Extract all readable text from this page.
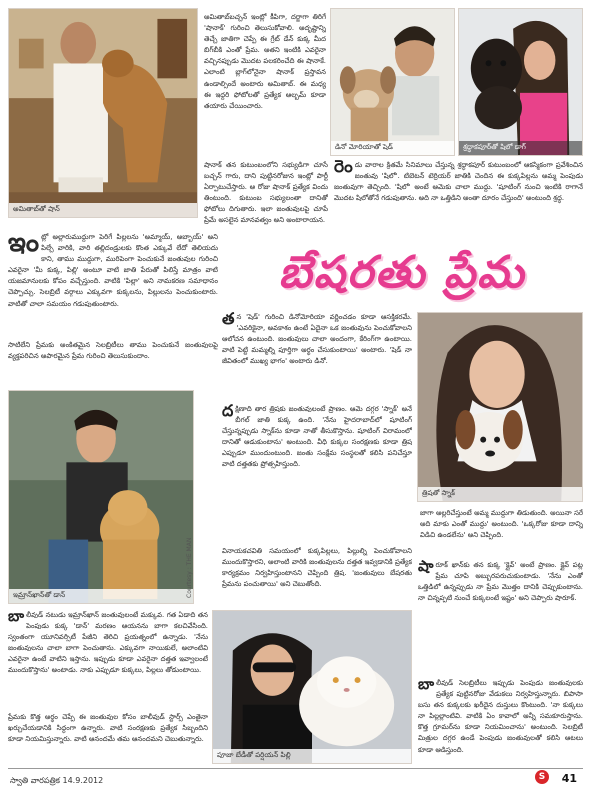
అమితాబ్‌తో షాన్
అమితాబ్‌బచ్చన్ ఇంట్లో కీపిగా, దర్జాగా తిరిగే 'షానాక్' గురించి తెలుసుకోవాలి. అదృష్టాన్ని తెచ్చే జాతిగా చెప్పే ఈ గ్రేట్ డేన్ కుక్క మీద బిగ్‌బీకి ఎంతో ప్రేమ. అతని ఇంటికి ఎవరైనా వచ్చినప్పుడు మొదట పలకరించేది ఈ షానాకే. ఎలాంటి బ్లాగ్‌లోనైనా షానాక్ ప్రస్తావన ఉండాల్సిందే అంటారు అమితాబ్. ఈ మధ్య ఈ ఇద్దరి ఫోటోలతో ప్రత్యేక ఆల్బమ్ కూడా తయారు చేయించారు.
డినో మోరియాతో షెడ్	శ్రద్ధాకపూర్‌తో షిలో డాగ్
రెం డు వారాల క్రితమే సినిమాలు చేస్తున్న శ్రద్ధాకపూర్ కుటుంబంలో ఆకస్మికంగా ప్రవేశించిన జంతువు 'షిలో'. టిబెటన్ టెర్రియర్ జాతికి చెందిన ఈ కుక్కపిల్లను అమ్మ పెంపుడు జంతువుగా తెచ్చింది. 'షిలో' అంటే ఆమెకు చాలా ముద్దు. 'షూటింగ్ నుంచి ఇంటికి రాగానే మొదట షిలోతోనే గడుపుతాను. అది నా ఒత్తిడిని అంతా దూరం చేస్తుంది' అంటుంది శ్రద్ధ.
షానాక్ తన కుటుంబంలోని సభ్యుడిగా చూసే బచ్చన్ గారు, దాని పుట్టినరోజున ఇంట్లో పార్టీ ఏర్పాటుచేస్తారు. ఆ రోజు షానాక్ ప్రత్యేక విందు తింటుంది. కుటుంబ సభ్యులంతా దానితో ఫోటోలు దిగుతారు. ఇలా జంతువులపై చూపే ప్రేమే అసలైన మానవత్వం అని అంటారాయన.
ఇం ట్లో అల్లారుముద్దుగా పెరిగే పిల్లలను 'అమ్మాయ్, అబ్బాయ్' అని పిల్చే వారికి, వారి తల్లిదండ్రులకు కొంత ఎక్కువే లేదో తెలియదు కాని, తాము ముద్దుగా, మురిపెంగా పెంచుకునే జంతువుల గురించి ఎవరైనా 'మీ కుక్క, పిల్లి' అంటూ వాటి జాతి పేరుతో పిలిస్తే మాత్రం వాటి యజమానులకు కోపం వచ్చేస్తుంది. వాటికి 'పిల్లా' అని నామకరణ సమాధానం చెప్పొచ్చు. సెలబ్రిటీ వర్గాలు ఎక్కువగా కుక్కలను, పిల్లులను పెంచుకుంటారు. వాటితో చాలా సమయం గడుపుతుంటారు.
సాటిలేని ప్రేమకు అంకితమైన సెలబ్రిటీలు తాము పెంచుకునే జంతువులపై వ్యక్తపరిచిన అపారమైన ప్రేమ గురించి తెలుసుకుందాం.
బేషరతు ప్రేమ
త న 'షెడ్' గురించి డినోమోరియా వర్ణించడం కూడా ఆసక్తికరమే. 'ఎవరికైనా, అవకాశం ఉంటే ఏదైనా ఒక జంతువును పెంచుకోవాలని ఆలోచన ఉంటుంది. జంతువులు చాలా అందంగా, కేరింగ్‌గా ఉంటాయి. వాటి పెట్టి మమ్మల్ని పూర్తిగా అర్థం చేసుకుంటాయి' అంటారు. 'షెడ్ నా జీవితంలో ముఖ్య భాగం' అంటారు డినో.
త్రిషతో స్నాక్
ద క్షిణాది తార త్రిషకు జంతువులంటే ప్రాణం. ఆమె దగ్గర 'స్నాక్' అనే బీగల్ జాతి కుక్క ఉంది. 'నేను హైదరాబాద్‌లో షూటింగ్ చేస్తున్నప్పుడు స్నాక్‌ను కూడా నాతో తీసుకొస్తాను. షూటింగ్ విరామంలో దానితో ఆడుకుంటాను' అంటుంది. వీధి కుక్కల సంరక్షణకు కూడా త్రిష ఎప్పుడూ ముందుంటుంది. జంతు సంక్షేమ సంస్థలతో కలిసి పనిచేస్తూ వాటి దత్తతకు ప్రోత్సహిస్తుంది.
వినాయకచవితి సమయంలో కుక్కపిల్లలు, పిల్లుల్ని పెంచుకోవాలని ముందుకొస్తారని, అలాంటి వారికి జంతువులను దత్తత ఇవ్వడానికి ప్రత్యేక కార్యక్రమం నిర్వహిస్తుంటానని చెప్పింది త్రిష. 'జంతువులు బేషరతు ప్రేమను పంచుతాయి' అని చెబుతోంది.
జాగా అల్లరిచేస్తుంటే అమ్మ ముద్దుగా తిడుతుంది. అయినా సరే అది మాకు ఎంతో ముద్దు' అంటుంది. 'ఒక్కరోజు కూడా దాన్ని విడిచి ఉండలేను' అని చెప్పింది.
ఇమ్రాన్‌ఖాన్‌తో డాన్	Courtesy : THE MAN
బా లీవుడ్ నటుడు ఇమ్రాన్‌ఖాన్ జంతువులంటే మక్కువ. గత ఏడాది తన పెంపుడు కుక్క 'డాన్' మరణం ఆయనను బాగా కలచివేసింది. స్వంతంగా యూనివర్సిటీ పేజీని తెరిచి ప్రయత్నంలో ఉన్నాడు. 'నేను జంతువులను చాలా బాగా పెంచుతాను. ఎక్కువగా నాయికులే, అలాంటివి ఎవరైనా ఉంటే వాటిని ఇస్తాను. ఇప్పుడు కూడా ఎవరైనా దత్తత ఇవ్వాలంటే ముందుకొస్తాను' అంటాడు. నాకు ఎప్పుడూ కుక్కలు, పిల్లలు తోడుంటాయి.
ప్రేమకు కొత్త అర్థం చెప్పే ఈ జంతువుల కోసం బాలీవుడ్ స్టార్స్ ఎంతైనా ఖర్చుచేయడానికి సిద్ధంగా ఉన్నారు. వాటి సంరక్షణకు ప్రత్యేక సిబ్బందిని కూడా నియమిస్తున్నారు. వాటి ఆనందమే తమ ఆనందమని చెబుతున్నారు.
పూజా బేడీ‌తో పర్షియన్ పిల్లి
షా రూక్ ఖాన్‌కు తన కుక్క 'క్లైవ్' అంటే ప్రాణం. క్లైవ్ పట్ల ప్రేమ చూపి అబ్బురపరుచుకుంటాడు. 'నేను ఎంతో ఒత్తిడిలో ఉన్నప్పుడు నా ప్రేమ మొత్తం దానికి చెప్పుకుంటాను. నా చిన్నప్పటి నుంచే కుక్కలంటే ఇష్టం' అని చెప్పారు షారూక్.
బా లీవుడ్ సెలబ్రిటీలు ఇప్పుడు పెంపుడు జంతువులకు ప్రత్యేక పుట్టినరోజు వేడుకలు నిర్వహిస్తున్నారు. బిపాసా బసు తన కుక్కలకు ఖరీదైన దుస్తులు కొంటుంది. 'నా కుక్కలు నా పిల్లల్లాంటివి. వాటికి ఏం కావాలో అన్నీ సమకూరుస్తాను. కొత్త గ్రూమర్‌ను కూడా నియమించాను' అంటుంది. సెలబ్రిటీ మిత్రుల దగ్గర ఉండే పెంపుడు జంతువులతో కలిసి ఆటలు కూడా ఆడిస్తుంది.
స్వాతి వారపత్రిక 14.9.2012	S	41
